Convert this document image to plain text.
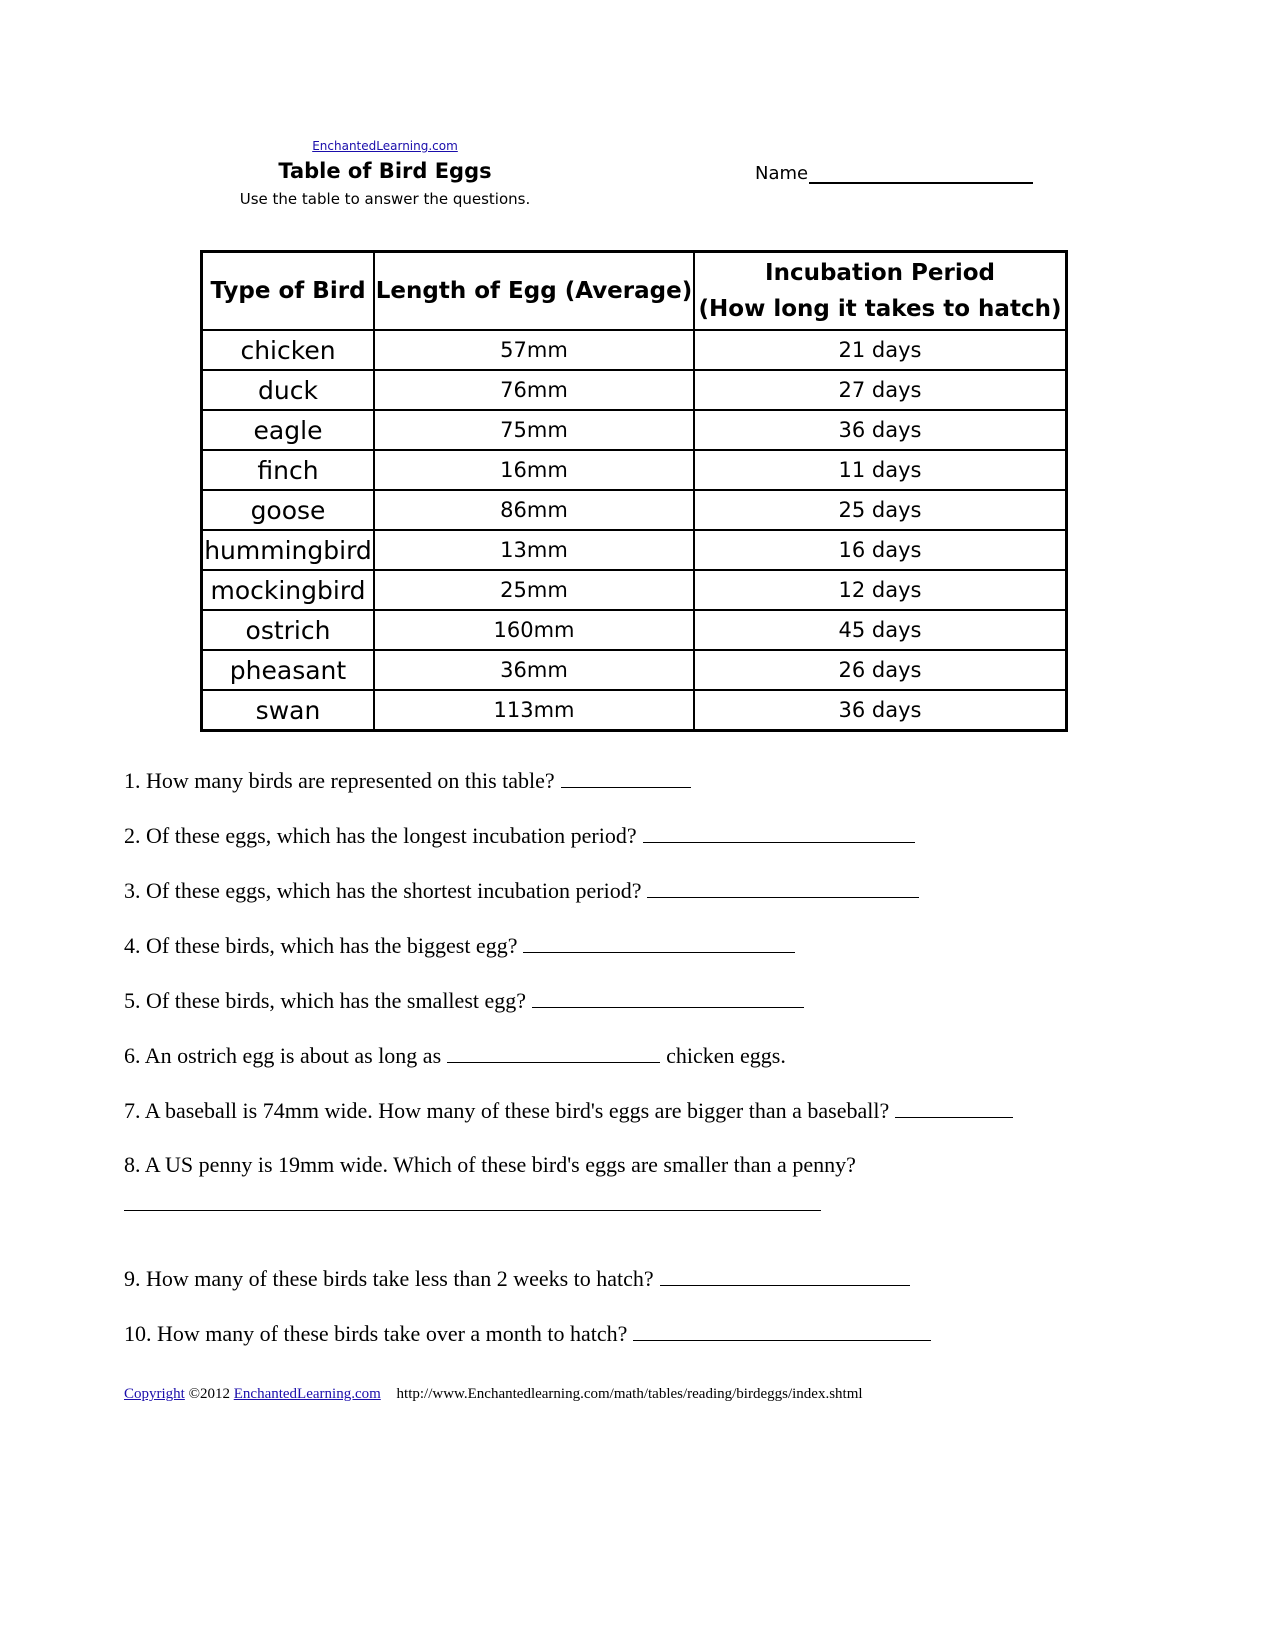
EnchantedLearning.com
Table of Bird Eggs
Use the table to answer the questions.
Name
Type of Bird	Length of Egg (Average)	Incubation Period
(How long it takes to hatch)

chicken	57mm	21 days
duck	76mm	27 days
eagle	75mm	36 days
finch	16mm	11 days
goose	86mm	25 days
hummingbird	13mm	16 days
mockingbird	25mm	12 days
ostrich	160mm	45 days
pheasant	36mm	26 days
swan	113mm	36 days
1. How many birds are represented on this table?
2. Of these eggs, which has the longest incubation period?
3. Of these eggs, which has the shortest incubation period?
4. Of these birds, which has the biggest egg?
5. Of these birds, which has the smallest egg?
6. An ostrich egg is about as long as	chicken eggs.
7. A baseball is 74mm wide. How many of these bird's eggs are bigger than a baseball?
8. A US penny is 19mm wide. Which of these bird's eggs are smaller than a penny?
9. How many of these birds take less than 2 weeks to hatch?
10. How many of these birds take over a month to hatch?
Copyright ©2012 EnchantedLearning.com http://www.Enchantedlearning.com/math/tables/reading/birdeggs/index.shtml
